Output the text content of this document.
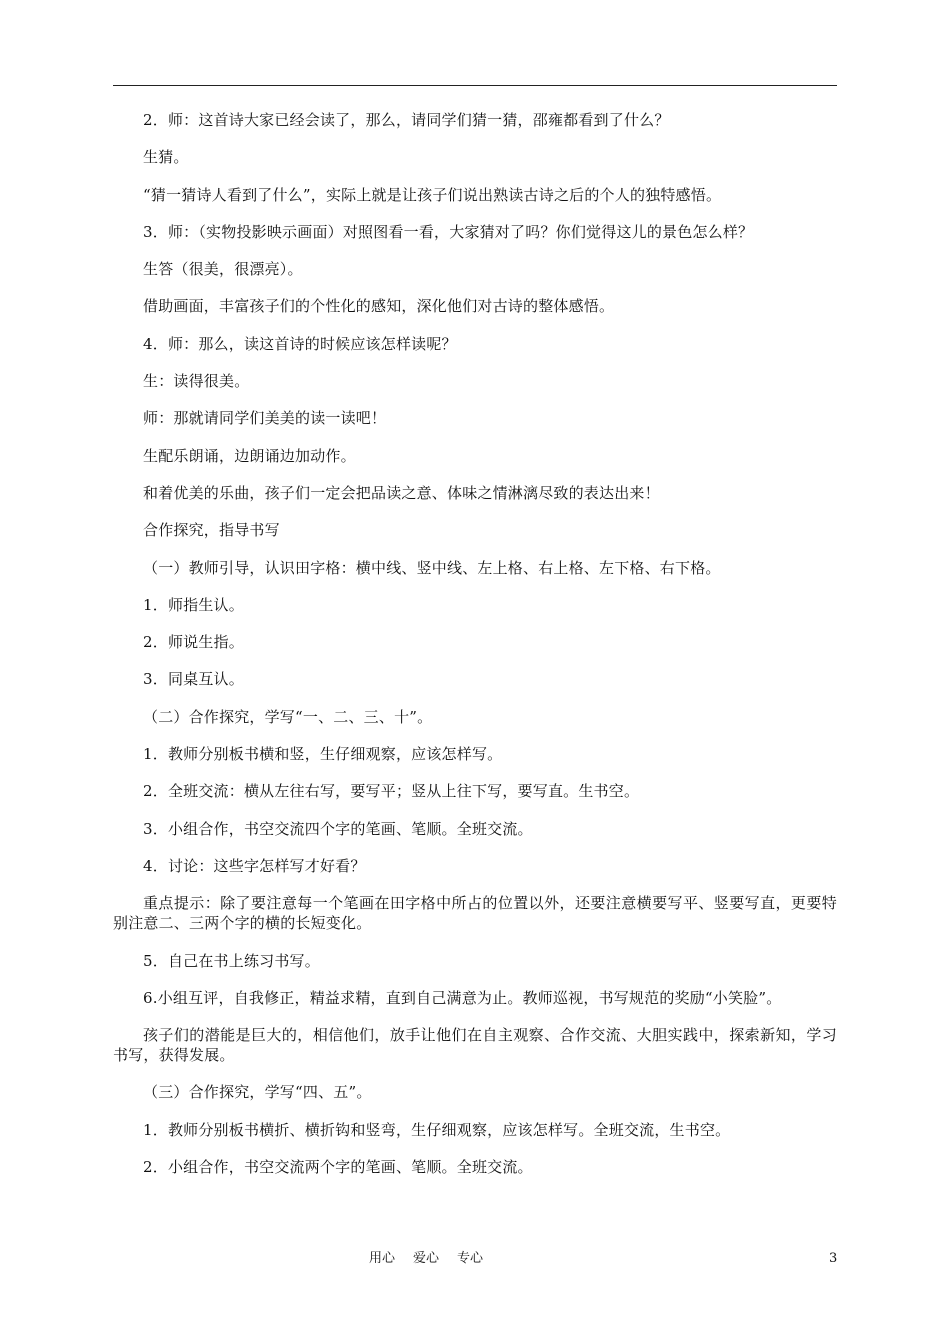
2．师：这首诗大家已经会读了，那么，请同学们猜一猜，邵雍都看到了什么？

生猜。

“猜一猜诗人看到了什么”，实际上就是让孩子们说出熟读古诗之后的个人的独特感悟。

3．师：（实物投影映示画面）对照图看一看，大家猜对了吗？你们觉得这儿的景色怎么样？

生答（很美，很漂亮）。

借助画面，丰富孩子们的个性化的感知，深化他们对古诗的整体感悟。

4．师：那么，读这首诗的时候应该怎样读呢？

生：读得很美。

师：那就请同学们美美的读一读吧！

生配乐朗诵，边朗诵边加动作。

和着优美的乐曲，孩子们一定会把品读之意、体味之情淋漓尽致的表达出来！

合作探究，指导书写

（一）教师引导，认识田字格：横中线、竖中线、左上格、右上格、左下格、右下格。

1．师指生认。

2．师说生指。

3．同桌互认。

（二）合作探究，学写“一、二、三、十”。

1．教师分别板书横和竖，生仔细观察，应该怎样写。

2．全班交流：横从左往右写，要写平；竖从上往下写，要写直。生书空。

3．小组合作，书空交流四个字的笔画、笔顺。全班交流。

4．讨论：这些字怎样写才好看？

重点提示：除了要注意每一个笔画在田字格中所占的位置以外，还要注意横要写平、竖要写直，更要特别注意二、三两个字的横的长短变化。

5．自己在书上练习书写。

6.小组互评，自我修正，精益求精，直到自己满意为止。教师巡视，书写规范的奖励“小笑脸”。

孩子们的潜能是巨大的，相信他们，放手让他们在自主观察、合作交流、大胆实践中，探索新知，学习书写，获得发展。

（三）合作探究，学写“四、五”。

1．教师分别板书横折、横折钩和竖弯，生仔细观察，应该怎样写。全班交流，生书空。

2．小组合作，书空交流两个字的笔画、笔顺。全班交流。

用心 爱心 专心	3
